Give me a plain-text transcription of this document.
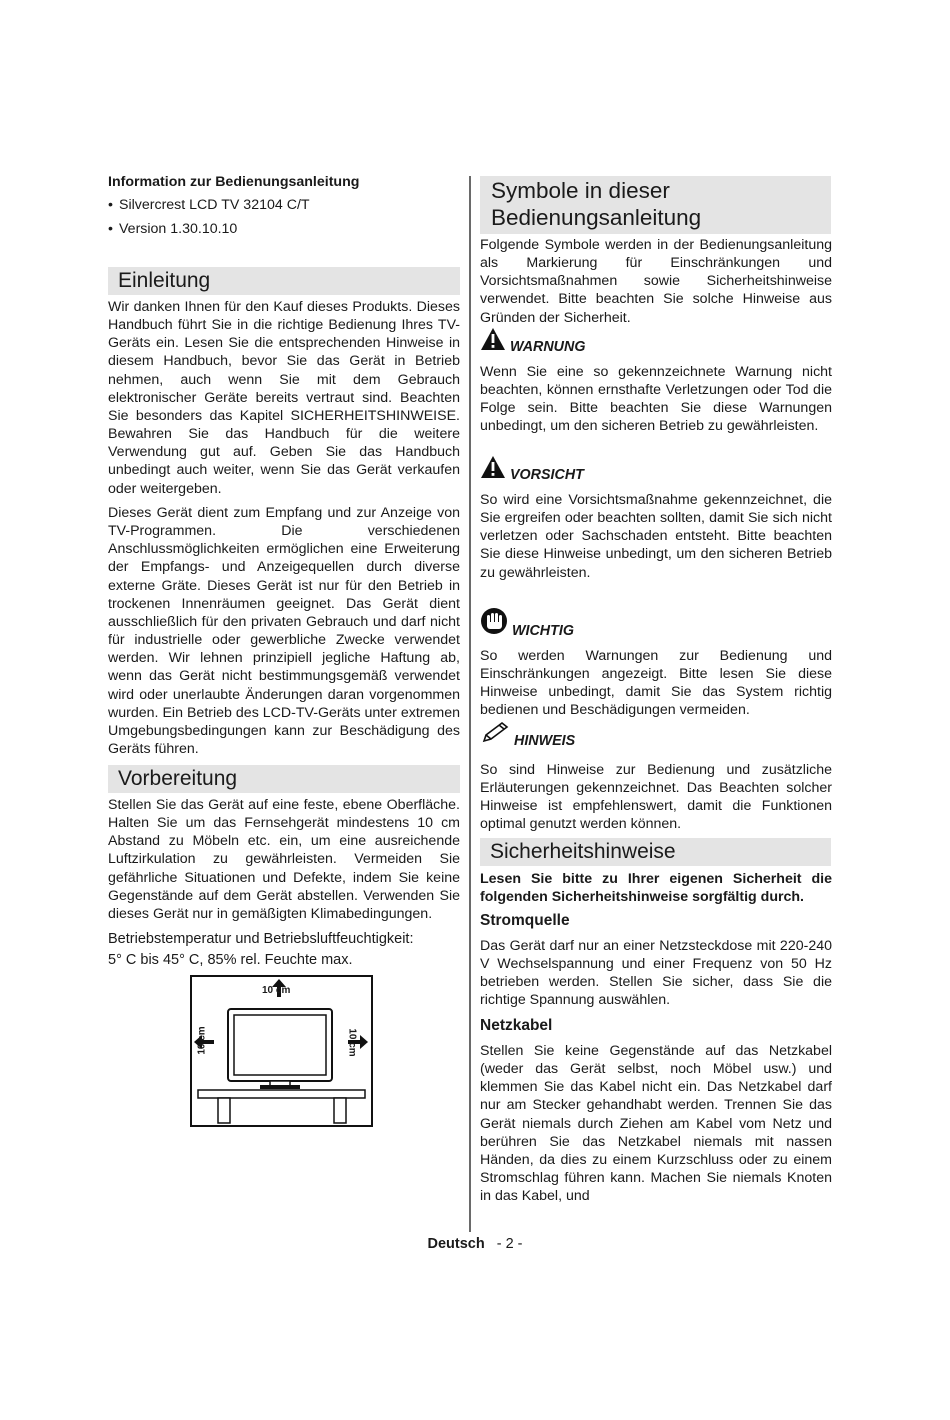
Information zur Bedienungsanleitung
• Silvercrest LCD TV 32104 C/T
• Version 1.30.10.10
Einleitung

Wir danken Ihnen für den Kauf dieses Produkts. Dieses Handbuch führt Sie in die richtige Bedienung Ihres TV-Geräts ein. Lesen Sie die entsprechenden Hinweise in diesem Handbuch, bevor Sie das Gerät in Betrieb nehmen, auch wenn Sie mit dem Gebrauch elektronischer Geräte bereits vertraut sind. Beachten Sie besonders das Kapitel SICHERHEITSHINWEISE. Bewahren Sie das Handbuch für die weitere Verwendung gut auf. Geben Sie das Handbuch unbedingt auch weiter, wenn Sie das Gerät verkaufen oder weitergeben.

Dieses Gerät dient zum Empfang und zur Anzeige von TV-Programmen. Die verschiedenen Anschlussmöglichkeiten ermöglichen eine Erweiterung der Empfangs- und Anzeigequellen durch diverse externe Gräte. Dieses Gerät ist nur für den Betrieb in trockenen Innenräumen geeignet. Das Gerät dient ausschließlich für den privaten Gebrauch und darf nicht für industrielle oder gewerbliche Zwecke verwendet werden. Wir lehnen prinzipiell jegliche Haftung ab, wenn das Gerät nicht bestimmungsgemäß verwendet wird oder unerlaubte Änderungen daran vorgenommen wurden. Ein Betrieb des LCD-TV-Geräts unter extremen Umgebungsbedingungen kann zur Beschädigung des Geräts führen.

Vorbereitung

Stellen Sie das Gerät auf eine feste, ebene Oberfläche. Halten Sie um das Fernsehgerät mindestens 10 cm Abstand zu Möbeln etc. ein, um eine ausreichende Luftzirkulation zu gewährleisten. Vermeiden Sie gefährliche Situationen und Defekte, indem Sie keine Gegenstände auf dem Gerät abstellen. Verwenden Sie dieses Gerät nur in gemäßigten Klimabedingungen.

Betriebstemperatur und Betriebsluftfeuchtigkeit:

5° C bis 45° C, 85% rel. Feuchte max.

10 cm
10 cm	10 cm
Symbole in dieser
Bedienungsanleitung

Folgende Symbole werden in der Bedienungsanleitung als Markierung für Einschränkungen und Vorsichtsmaßnahmen sowie Sicherheitshinweise verwendet. Bitte beachten Sie solche Hinweise aus Gründen der Sicherheit.

WARNUNG

Wenn Sie eine so gekennzeichnete Warnung nicht beachten, können ernsthafte Verletzungen oder Tod die Folge sein. Bitte beachten Sie diese Warnungen unbedingt, um den sicheren Betrieb zu gewährleisten.

VORSICHT

So wird eine Vorsichtsmaßnahme gekennzeichnet, die Sie ergreifen oder beachten sollten, damit Sie sich nicht verletzen oder Sachschaden entsteht. Bitte beachten Sie diese Hinweise unbedingt, um den sicheren Betrieb zu gewährleisten.

WICHTIG

So werden Warnungen zur Bedienung und Einschränkungen angezeigt. Bitte lesen Sie diese Hinweise unbedingt, damit Sie das System richtig bedienen und Beschädigungen vermeiden.

HINWEIS

So sind Hinweise zur Bedienung und zusätzliche Erläuterungen gekennzeichnet. Das Beachten solcher Hinweise ist empfehlenswert, damit die Funktionen optimal genutzt werden können.

Sicherheitshinweise

Lesen Sie bitte zu Ihrer eigenen Sicherheit die folgenden Sicherheitshinweise sorgfältig durch.

Stromquelle

Das Gerät darf nur an einer Netzsteckdose mit 220-240 V Wechselspannung und einer Frequenz von 50 Hz betrieben werden. Stellen Sie sicher, dass Sie die richtige Spannung auswählen.

Netzkabel

Stellen Sie keine Gegenstände auf das Netzkabel (weder das Gerät selbst, noch Möbel usw.) und klemmen Sie das Kabel nicht ein. Das Netzkabel darf nur am Stecker gehandhabt werden. Trennen Sie das Gerät niemals durch Ziehen am Kabel vom Netz und berühren Sie das Netzkabel niemals mit nassen Händen, da dies zu einem Kurzschluss oder zu einem Stromschlag führen kann. Machen Sie niemals Knoten in das Kabel, und

Deutsch - 2 -
